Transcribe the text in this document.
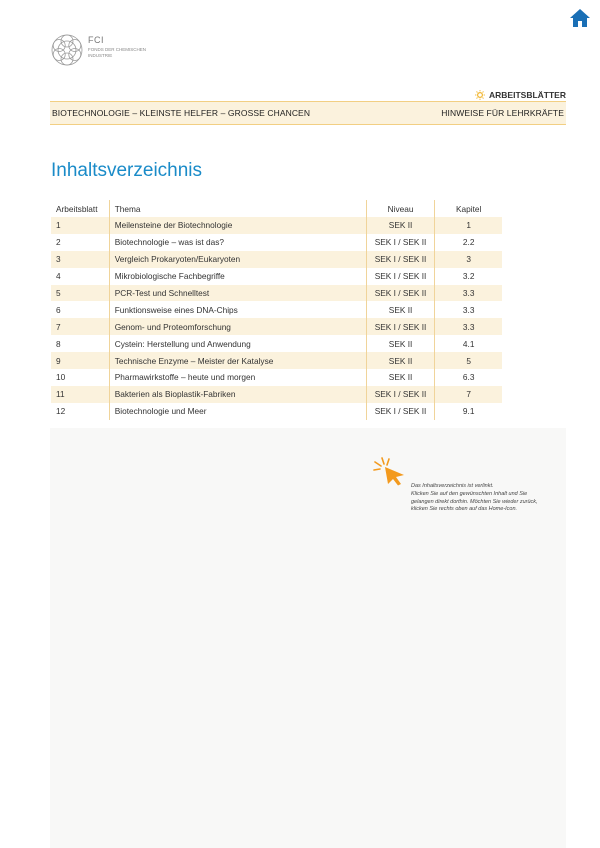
FCI
FONDS DER CHEMISCHEN INDUSTRIE
ARBEITSBLÄTTER
BIOTECHNOLOGIE – KLEINSTE HELFER – GROSSE CHANCEN	HINWEISE FÜR LEHRKRÄFTE
Inhaltsverzeichnis
Arbeitsblatt	Thema	Niveau	Kapitel
1	Meilensteine der Biotechnologie	SEK II	1
2	Biotechnologie – was ist das?	SEK I / SEK II	2.2
3	Vergleich Prokaryoten/Eukaryoten	SEK I / SEK II	3
4	Mikrobiologische Fachbegriffe	SEK I / SEK II	3.2
5	PCR-Test und Schnelltest	SEK I / SEK II	3.3
6	Funktionsweise eines DNA-Chips	SEK II	3.3
7	Genom- und Proteomforschung	SEK I / SEK II	3.3
8	Cystein: Herstellung und Anwendung	SEK II	4.1
9	Technische Enzyme – Meister der Katalyse	SEK II	5
10	Pharmawirkstoffe – heute und morgen	SEK II	6.3
11	Bakterien als Bioplastik-Fabriken	SEK I / SEK II	7
12	Biotechnologie und Meer	SEK I / SEK II	9.1
Das Inhaltsverzeichnis ist verlinkt.
Klicken Sie auf den gewünschten Inhalt und Sie
gelangen direkt dorthin. Möchten Sie wieder zurück,
klicken Sie rechts oben auf das Home-Icon.
